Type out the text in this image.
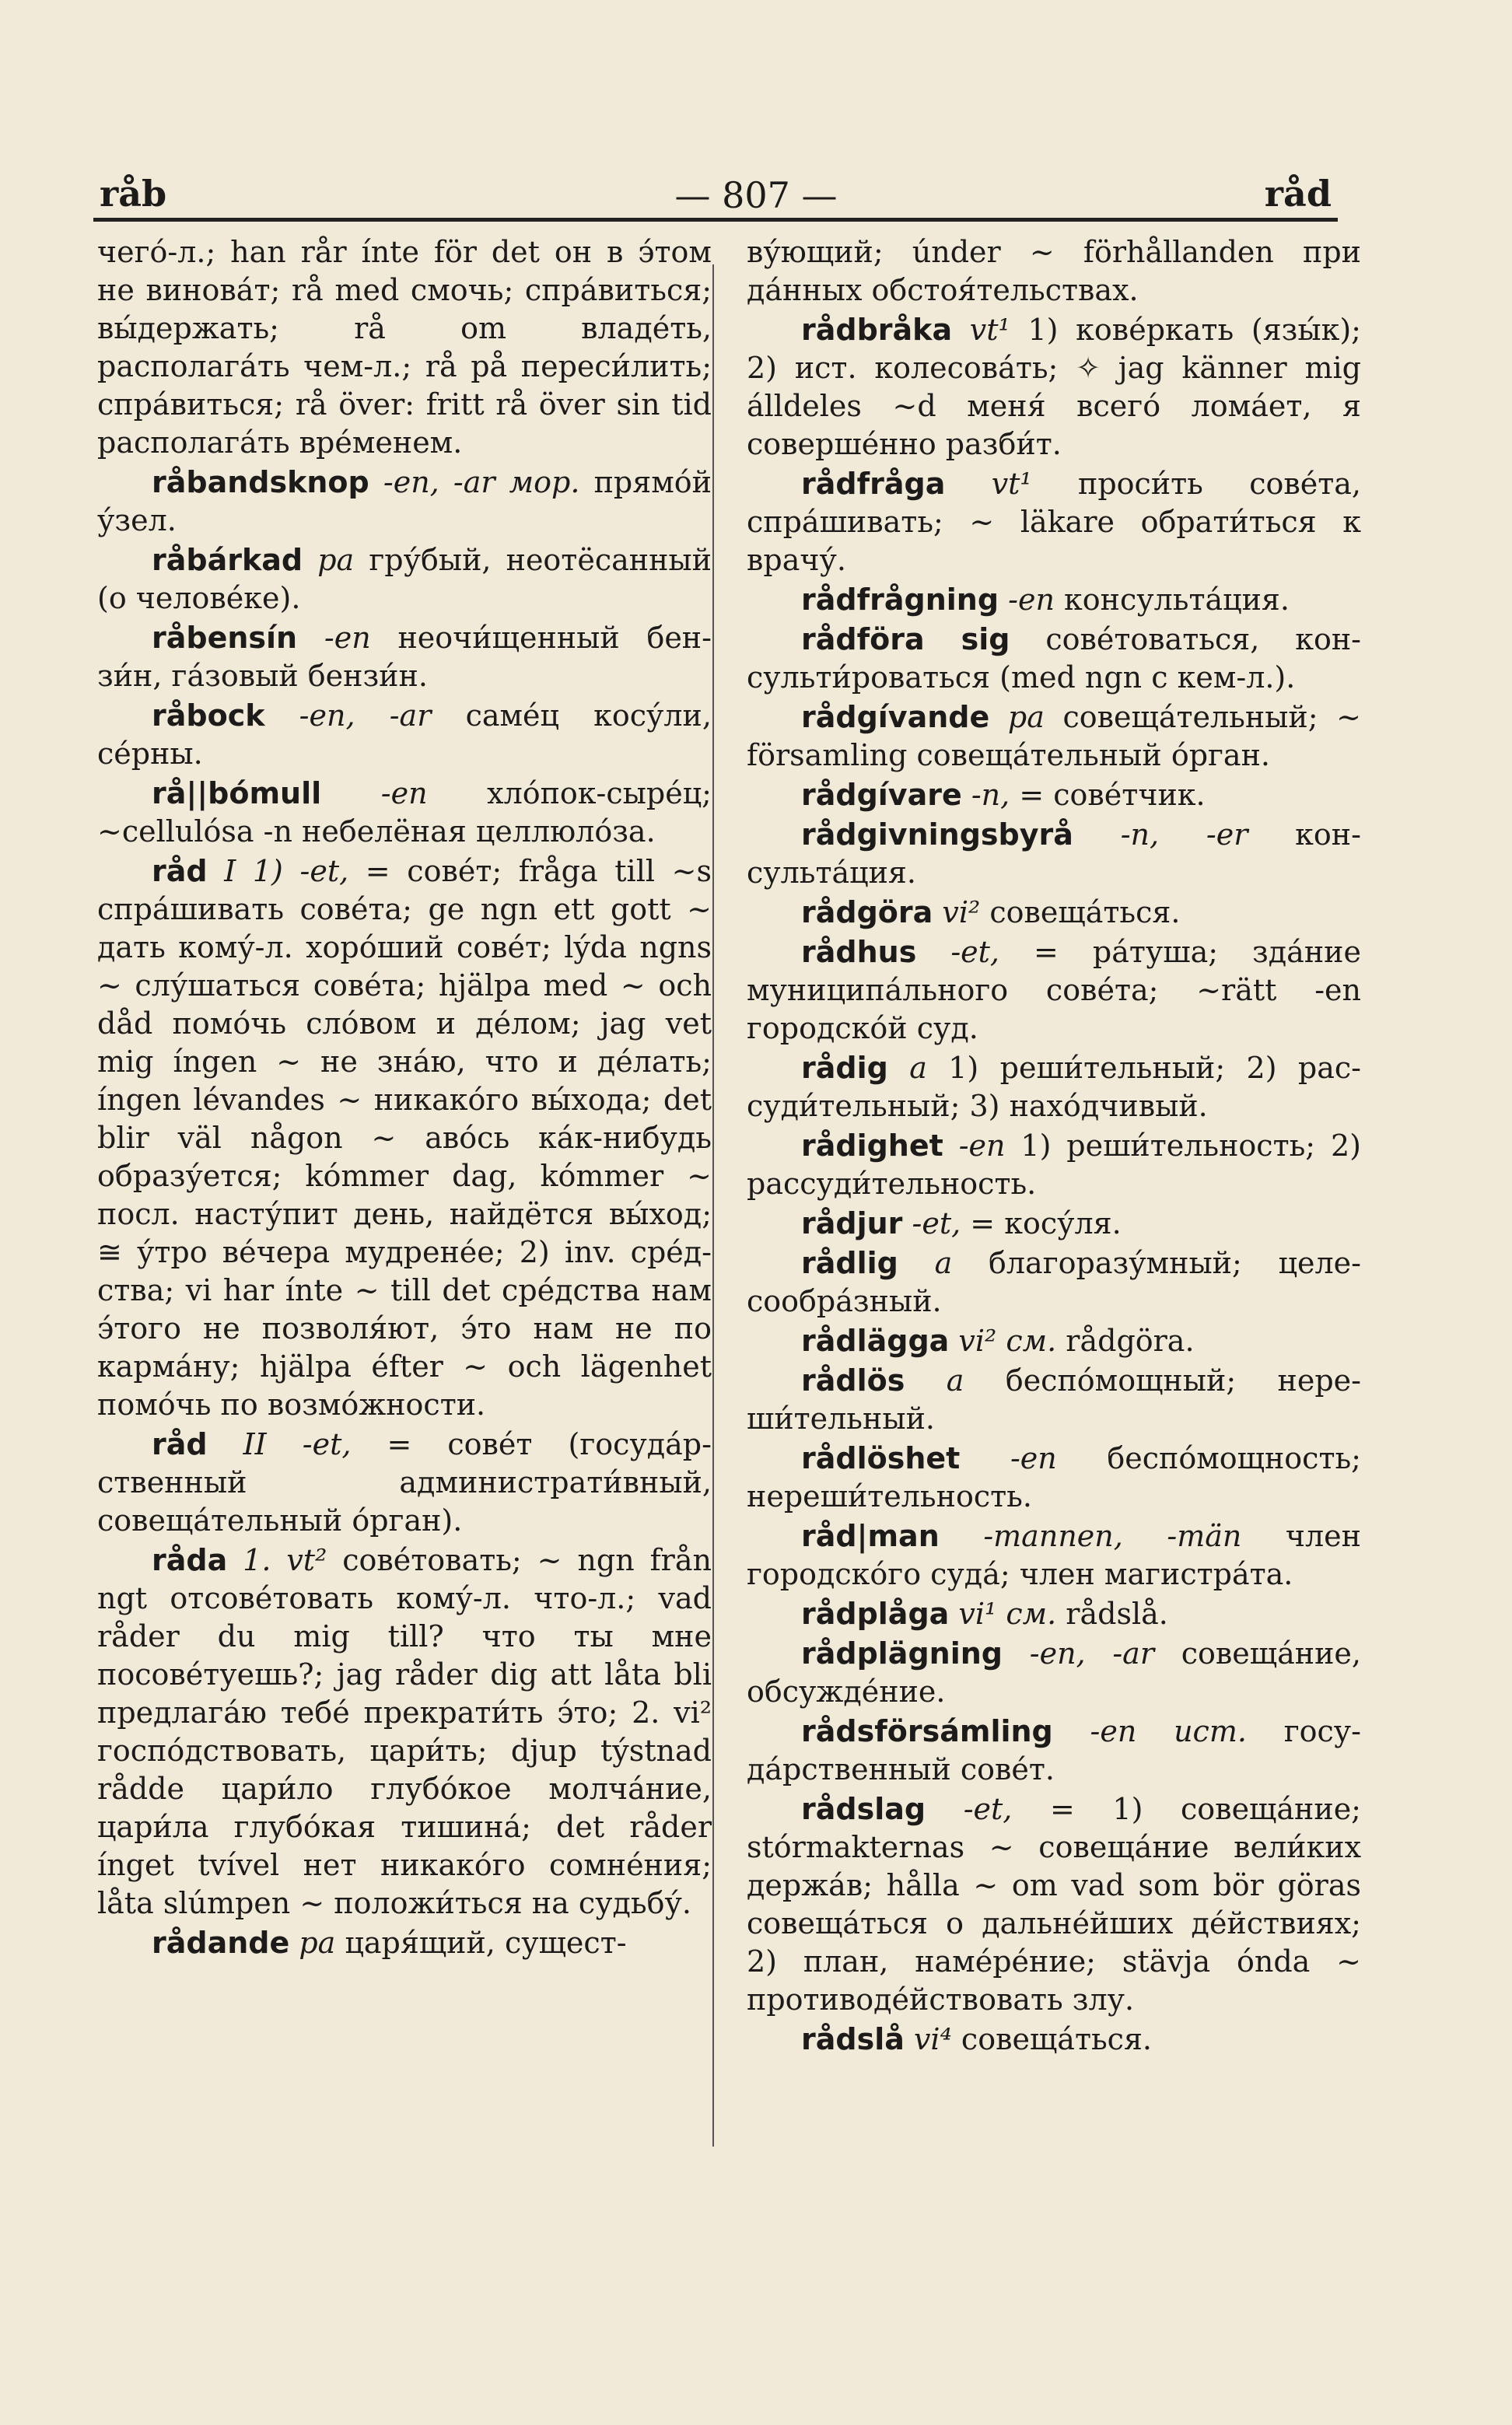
råb	— 807 —	råd

чего́-л.; han rår ínte för det он в э́том не винова́т; rå med смочь; спра́виться; вы́держать; rå om владе́ть, располага́ть чем-л.; rå på переси́лить; спра́виться; rå över: fritt rå över sin tid располага́ть вре́менем.

råbandsknop -en, -ar мор. прямо́й у́зел.

råbárkad pa гру́бый, неотёсанный (о челове́ке).

råbensín -en неочи́щенный бензи́н, га́зовый бензи́н.

råbock -en, -ar саме́ц косу́ли, се́рны.

rå||bómull -en хло́пок-сырéц; ~cellulósa -n небелёная целлюло́за.

råd I 1) -et, = сове́т; fråga till ~s спра́шивать сове́та; ge ngn ett gott ~ дать кому́-л. хоро́ший сове́т; lýda ngns ~ слу́шаться сове́та; hjälpa med ~ och dåd помо́чь сло́вом и де́лом; jag vet mig íngen ~ не зна́ю, что и де́лать; íngen lévandes ~ никако́го вы́хода; det blir väl någon ~ аво́сь ка́к-нибудь образу́ется; kómmer dag, kómmer ~ посл. насту́пит день, найдётся вы́ход; ≅ у́тро ве́чера мудрене́е; 2) inv. сре́дства; vi har ínte ~ till det сре́дства нам э́того не позволя́ют, э́то нам не по карма́ну; hjälpa éfter ~ och lägenhet помо́чь по возмо́жности.

råd II -et, = сове́т (госуда́рственный администрати́вный, совеща́тельный о́рган).

råda 1. vt² сове́товать; ~ ngn från ngt отсове́товать кому́-л. что-л.; vad råder du mig till? что ты мне посове́туешь?; jag råder dig att låta bli предлага́ю тебе́ прекрати́ть э́то; 2. vi² госпо́дствовать, цари́ть; djup týstnad rådde цари́ло глубо́кое молча́ние, цари́ла глубо́кая тишина́; det råder ínget tvível нет никако́го сомне́ния; låta slúmpen ~ положи́ться на судьбу́.

rådande pa царя́щий, сущест-

ву́ющий; únder ~ förhållanden при да́нных обстоя́тельствах.

rådbråka vt¹ 1) кове́ркать (язы́к); 2) ист. колесова́ть; ✧ jag känner mig álldeles ~d меня́ всего́ лома́ет, я соверше́нно разби́т.

rådfråga vt¹ проси́ть сове́та, спра́шивать; ~ läkare обрати́ться к врачу́.

rådfrågning -en консульта́ция.

rådföra sig сове́товаться, консульти́роваться (med ngn с кем-л.).

rådgívande pa совеща́тельный; ~ församling совеща́тельный о́рган.

rådgívare -n, = сове́тчик.

rådgivningsbyrå -n, -er консульта́ция.

rådgöra vi² совеща́ться.

rådhus -et, = ра́туша; зда́ние муниципа́льного сове́та; ~rätt -en городско́й суд.

rådig a 1) реши́тельный; 2) рассуди́тельный; 3) нахо́дчивый.

rådighet -en 1) реши́тельность; 2) рассуди́тельность.

rådjur -et, = косу́ля.

rådlig a благоразу́мный; целесообра́зный.

rådlägga vi² см. rådgöra.

rådlös a беспо́мощный; нереши́тельный.

rådlöshet -en беспо́мощность; нереши́тельность.

råd|man -mannen, -män член городско́го суда́; член магистра́та.

rådplåga vi¹ см. rådslå.

rådplägning -en, -ar совеща́ние, обсужде́ние.

rådsförsámling -en ист. госуда́рственный сове́т.

rådslag -et, = 1) совеща́ние; stórmakternas ~ совеща́ние вели́ких держа́в; hålla ~ om vad som bör göras совеща́ться о дальне́йших де́йствиях; 2) план, наме́ре́ние; stävja ónda ~ противоде́йствовать злу.

rådslå vi⁴ совеща́ться.
